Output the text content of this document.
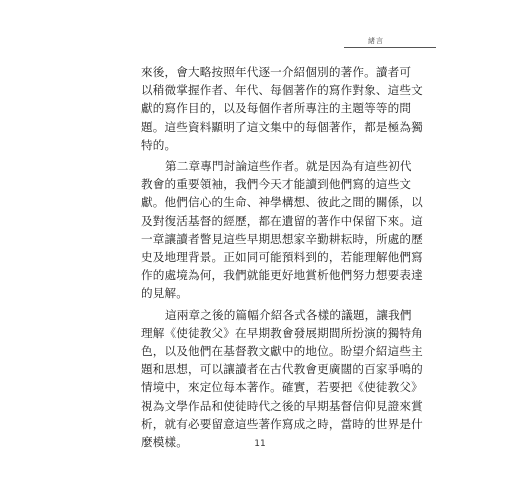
緒言

來後，會大略按照年代逐一介紹個別的著作。讀者可
以稍微掌握作者、年代、每個著作的寫作對象、這些文
獻的寫作目的，以及每個作者所專注的主題等等的問
題。這些資料顯明了這文集中的每個著作，都是極為獨
特的。

第二章專門討論這些作者。就是因為有這些初代
教會的重要領袖，我們今天才能讀到他們寫的這些文
獻。他們信心的生命、神學構想、彼此之間的關係，以
及對復活基督的經歷，都在遺留的著作中保留下來。這
一章讓讀者瞥見這些早期思想家辛勤耕耘時，所處的歷
史及地理背景。正如同可能預料到的，若能理解他們寫
作的處境為何，我們就能更好地賞析他們努力想要表達
的見解。

這兩章之後的篇幅介紹各式各樣的議題，讓我們
理解《使徒教父》在早期教會發展期間所扮演的獨特角
色，以及他們在基督教文獻中的地位。盼望介紹這些主
題和思想，可以讓讀者在古代教會更廣闊的百家爭鳴的
情境中，來定位每本著作。確實，若要把《使徒教父》
視為文學作品和使徒時代之後的早期基督信仰見證來賞
析，就有必要留意這些著作寫成之時，當時的世界是什
麼模樣。	11
